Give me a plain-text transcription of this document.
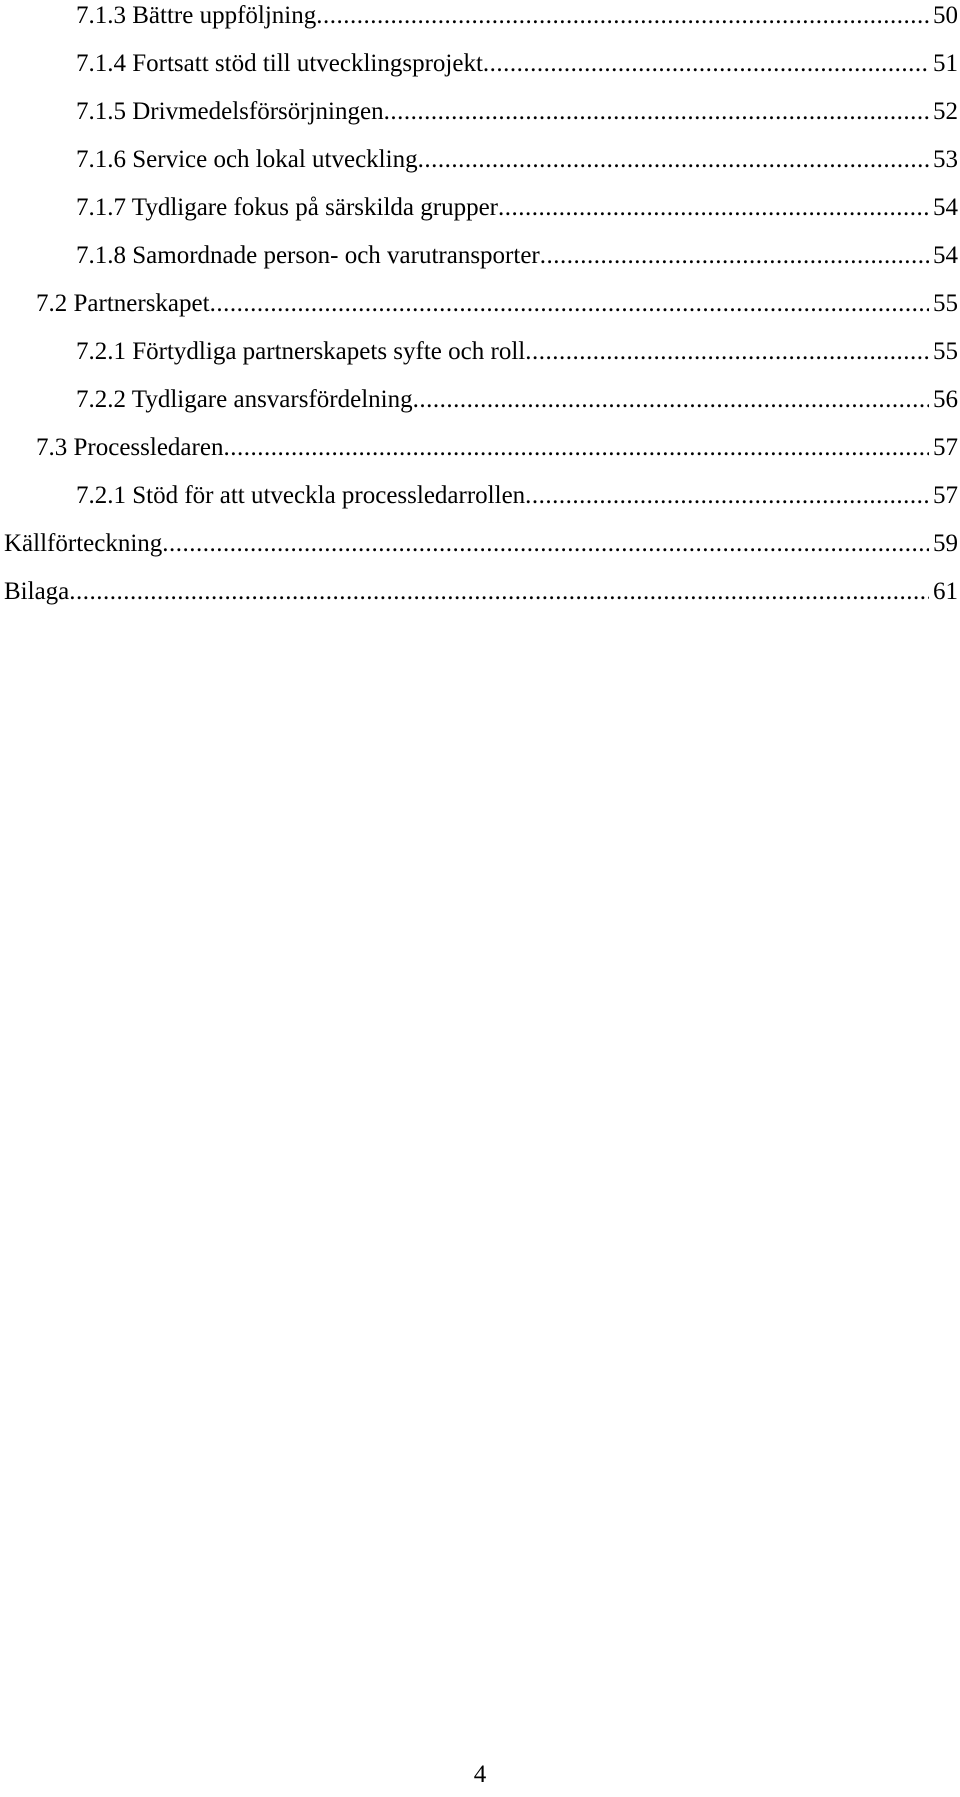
7.1.3 Bättre uppföljning .....	50
7.1.4 Fortsatt stöd till utvecklingsprojekt .....	51
7.1.5 Drivmedelsförsörjningen .....	52
7.1.6 Service och lokal utveckling .....	53
7.1.7 Tydligare fokus på särskilda grupper .....	54
7.1.8 Samordnade person- och varutransporter .....	54
7.2 Partnerskapet .....	55
7.2.1 Förtydliga partnerskapets syfte och roll .....	55
7.2.2 Tydligare ansvarsfördelning .....	56
7.3 Processledaren .....	57
7.2.1 Stöd för att utveckla processledarrollen .....	57
Källförteckning .....	59
Bilaga .....	61
4
